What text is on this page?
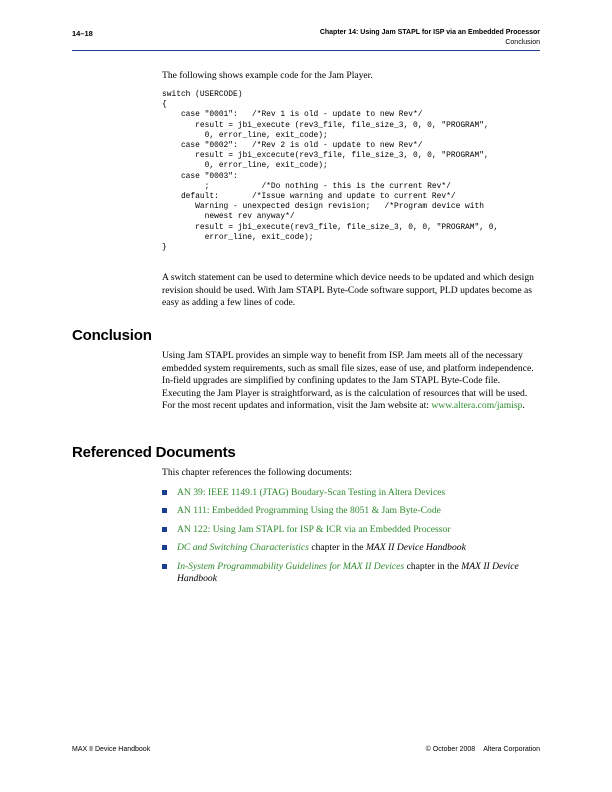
14–18	Chapter 14: Using Jam STAPL for ISP via an Embedded Processor
Conclusion
The following shows example code for the Jam Player.
switch (USERCODE)
{
case "0001":   /*Rev 1 is old - update to new Rev*/
result = jbi_execute (rev3_file, file_size_3, 0, 0, "PROGRAM",
0, error_line, exit_code);
case "0002":   /*Rev 2 is old - update to new Rev*/
result = jbi_excecute(rev3_file, file_size_3, 0, 0, "PROGRAM",
0, error_line, exit_code);
case "0003":
;           /*Do nothing - this is the current Rev*/
default:       /*Issue warning and update to current Rev*/
Warning - unexpected design revision;   /*Program device with
newest rev anyway*/
result = jbi_execute(rev3_file, file_size_3, 0, 0, "PROGRAM", 0,
error_line, exit_code);
}
A switch statement can be used to determine which device needs to be updated and which design revision should be used. With Jam STAPL Byte-Code software support, PLD updates become as easy as adding a few lines of code.
Conclusion
Using Jam STAPL provides an simple way to benefit from ISP. Jam meets all of the necessary embedded system requirements, such as small file sizes, ease of use, and platform independence. In-field upgrades are simplified by confining updates to the Jam STAPL Byte-Code file. Executing the Jam Player is straightforward, as is the calculation of resources that will be used. For the most recent updates and information, visit the Jam website at: www.altera.com/jamisp.
Referenced Documents
This chapter references the following documents:
AN 39: IEEE 1149.1 (JTAG) Boudary-Scan Testing in Altera Devices
AN 111: Embedded Programming Using the 8051 & Jam Byte-Code
AN 122: Using Jam STAPL for ISP & ICR via an Embedded Processor
DC and Switching Characteristics chapter in the MAX II Device Handbook
In-System Programmability Guidelines for MAX II Devices chapter in the MAX II Device Handbook
MAX II Device Handbook	© October 2008 Altera Corporation
